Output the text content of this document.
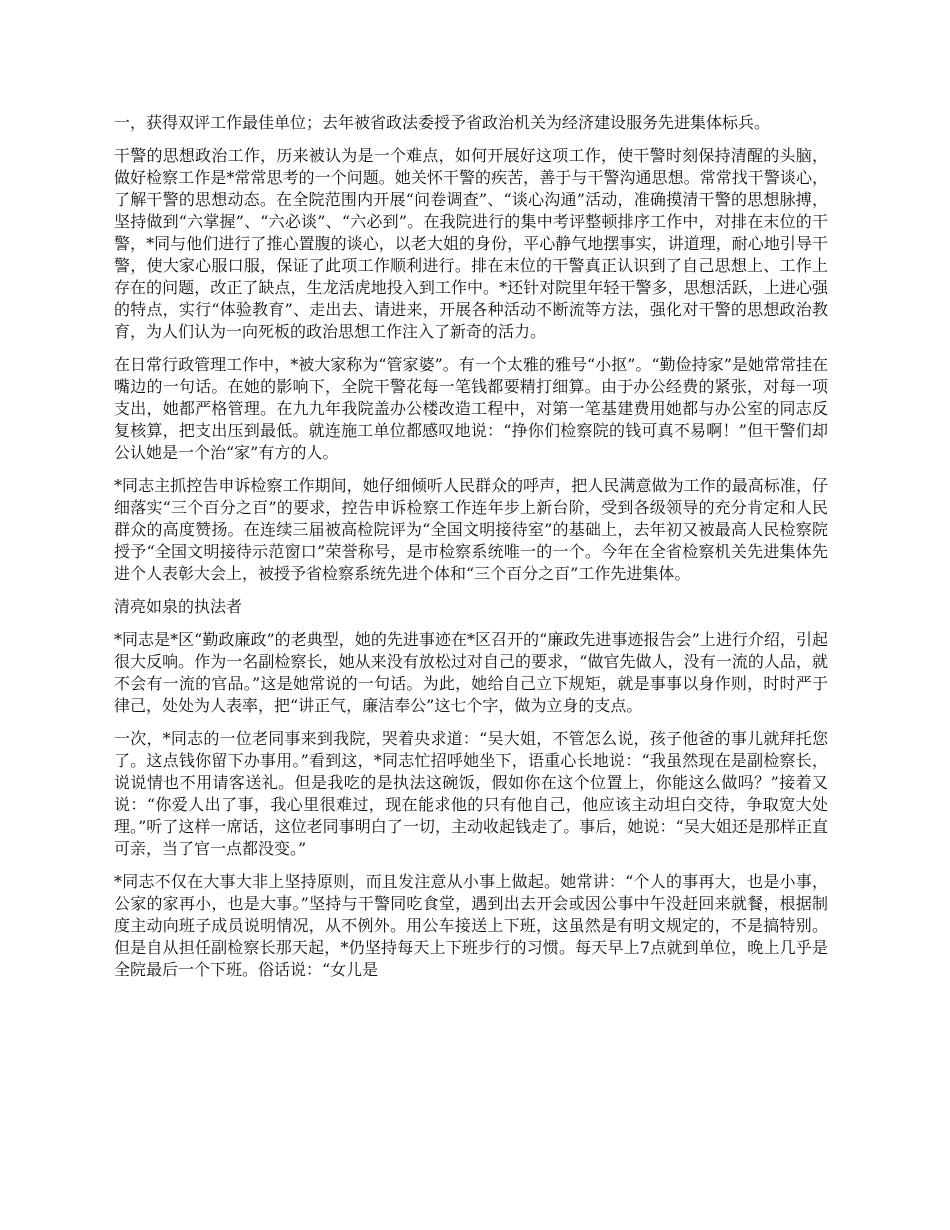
一，获得双评工作最佳单位；去年被省政法委授予省政治机关为经济建设服务先进集体标兵。

干警的思想政治工作，历来被认为是一个难点，如何开展好这项工作，使干警时刻保持清醒的头脑，做好检察工作是*常常思考的一个问题。她关怀干警的疾苦，善于与干警沟通思想。常常找干警谈心，了解干警的思想动态。在全院范围内开展“问卷调查”、“谈心沟通”活动，准确摸清干警的思想脉搏，坚持做到“六掌握”、“六必谈”、“六必到”。在我院进行的集中考评整顿排序工作中，对排在末位的干警，*同与他们进行了推心置腹的谈心，以老大姐的身份，平心静气地摆事实，讲道理，耐心地引导干警，使大家心服口服，保证了此项工作顺利进行。排在末位的干警真正认识到了自己思想上、工作上存在的问题，改正了缺点，生龙活虎地投入到工作中。*还针对院里年轻干警多，思想活跃，上进心强的特点，实行“体验教育”、走出去、请进来，开展各种活动不断流等方法，强化对干警的思想政治教育，为人们认为一向死板的政治思想工作注入了新奇的活力。

在日常行政管理工作中，*被大家称为“管家婆”。有一个太雅的雅号“小抠”。“勤俭持家”是她常常挂在嘴边的一句话。在她的影响下，全院干警花每一笔钱都要精打细算。由于办公经费的紧张，对每一项支出，她都严格管理。在九九年我院盖办公楼改造工程中，对第一笔基建费用她都与办公室的同志反复核算，把支出压到最低。就连施工单位都感叹地说：“挣你们检察院的钱可真不易啊！”但干警们却公认她是一个治“家”有方的人。

*同志主抓控告申诉检察工作期间，她仔细倾听人民群众的呼声，把人民满意做为工作的最高标准，仔细落实“三个百分之百”的要求，控告申诉检察工作连年步上新台阶，受到各级领导的充分肯定和人民群众的高度赞扬。在连续三届被高检院评为“全国文明接待室”的基础上，去年初又被最高人民检察院授予“全国文明接待示范窗口”荣誉称号，是市检察系统唯一的一个。今年在全省检察机关先进集体先进个人表彰大会上，被授予省检察系统先进个体和“三个百分之百”工作先进集体。

清亮如泉的执法者

*同志是*区“勤政廉政”的老典型，她的先进事迹在*区召开的“廉政先进事迹报告会”上进行介绍，引起很大反响。作为一名副检察长，她从来没有放松过对自己的要求，“做官先做人，没有一流的人品，就不会有一流的官品。”这是她常说的一句话。为此，她给自己立下规矩，就是事事以身作则，时时严于律己，处处为人表率，把“讲正气，廉洁奉公”这七个字，做为立身的支点。

一次，*同志的一位老同事来到我院，哭着央求道：“吴大姐，不管怎么说，孩子他爸的事儿就拜托您了。这点钱你留下办事用。”看到这，*同志忙招呼她坐下，语重心长地说：“我虽然现在是副检察长，说说情也不用请客送礼。但是我吃的是执法这碗饭，假如你在这个位置上，你能这么做吗？”接着又说：“你爱人出了事，我心里很难过，现在能求他的只有他自己，他应该主动坦白交待，争取宽大处理。”听了这样一席话，这位老同事明白了一切，主动收起钱走了。事后，她说：“吴大姐还是那样正直可亲，当了官一点都没变。”

*同志不仅在大事大非上坚持原则，而且发注意从小事上做起。她常讲：“个人的事再大，也是小事，公家的家再小，也是大事。”坚持与干警同吃食堂，遇到出去开会或因公事中午没赶回来就餐，根据制度主动向班子成员说明情况，从不例外。用公车接送上下班，这虽然是有明文规定的，不是搞特别。但是自从担任副检察长那天起，*仍坚持每天上下班步行的习惯。每天早上7点就到单位，晚上几乎是全院最后一个下班。俗话说：“女儿是
